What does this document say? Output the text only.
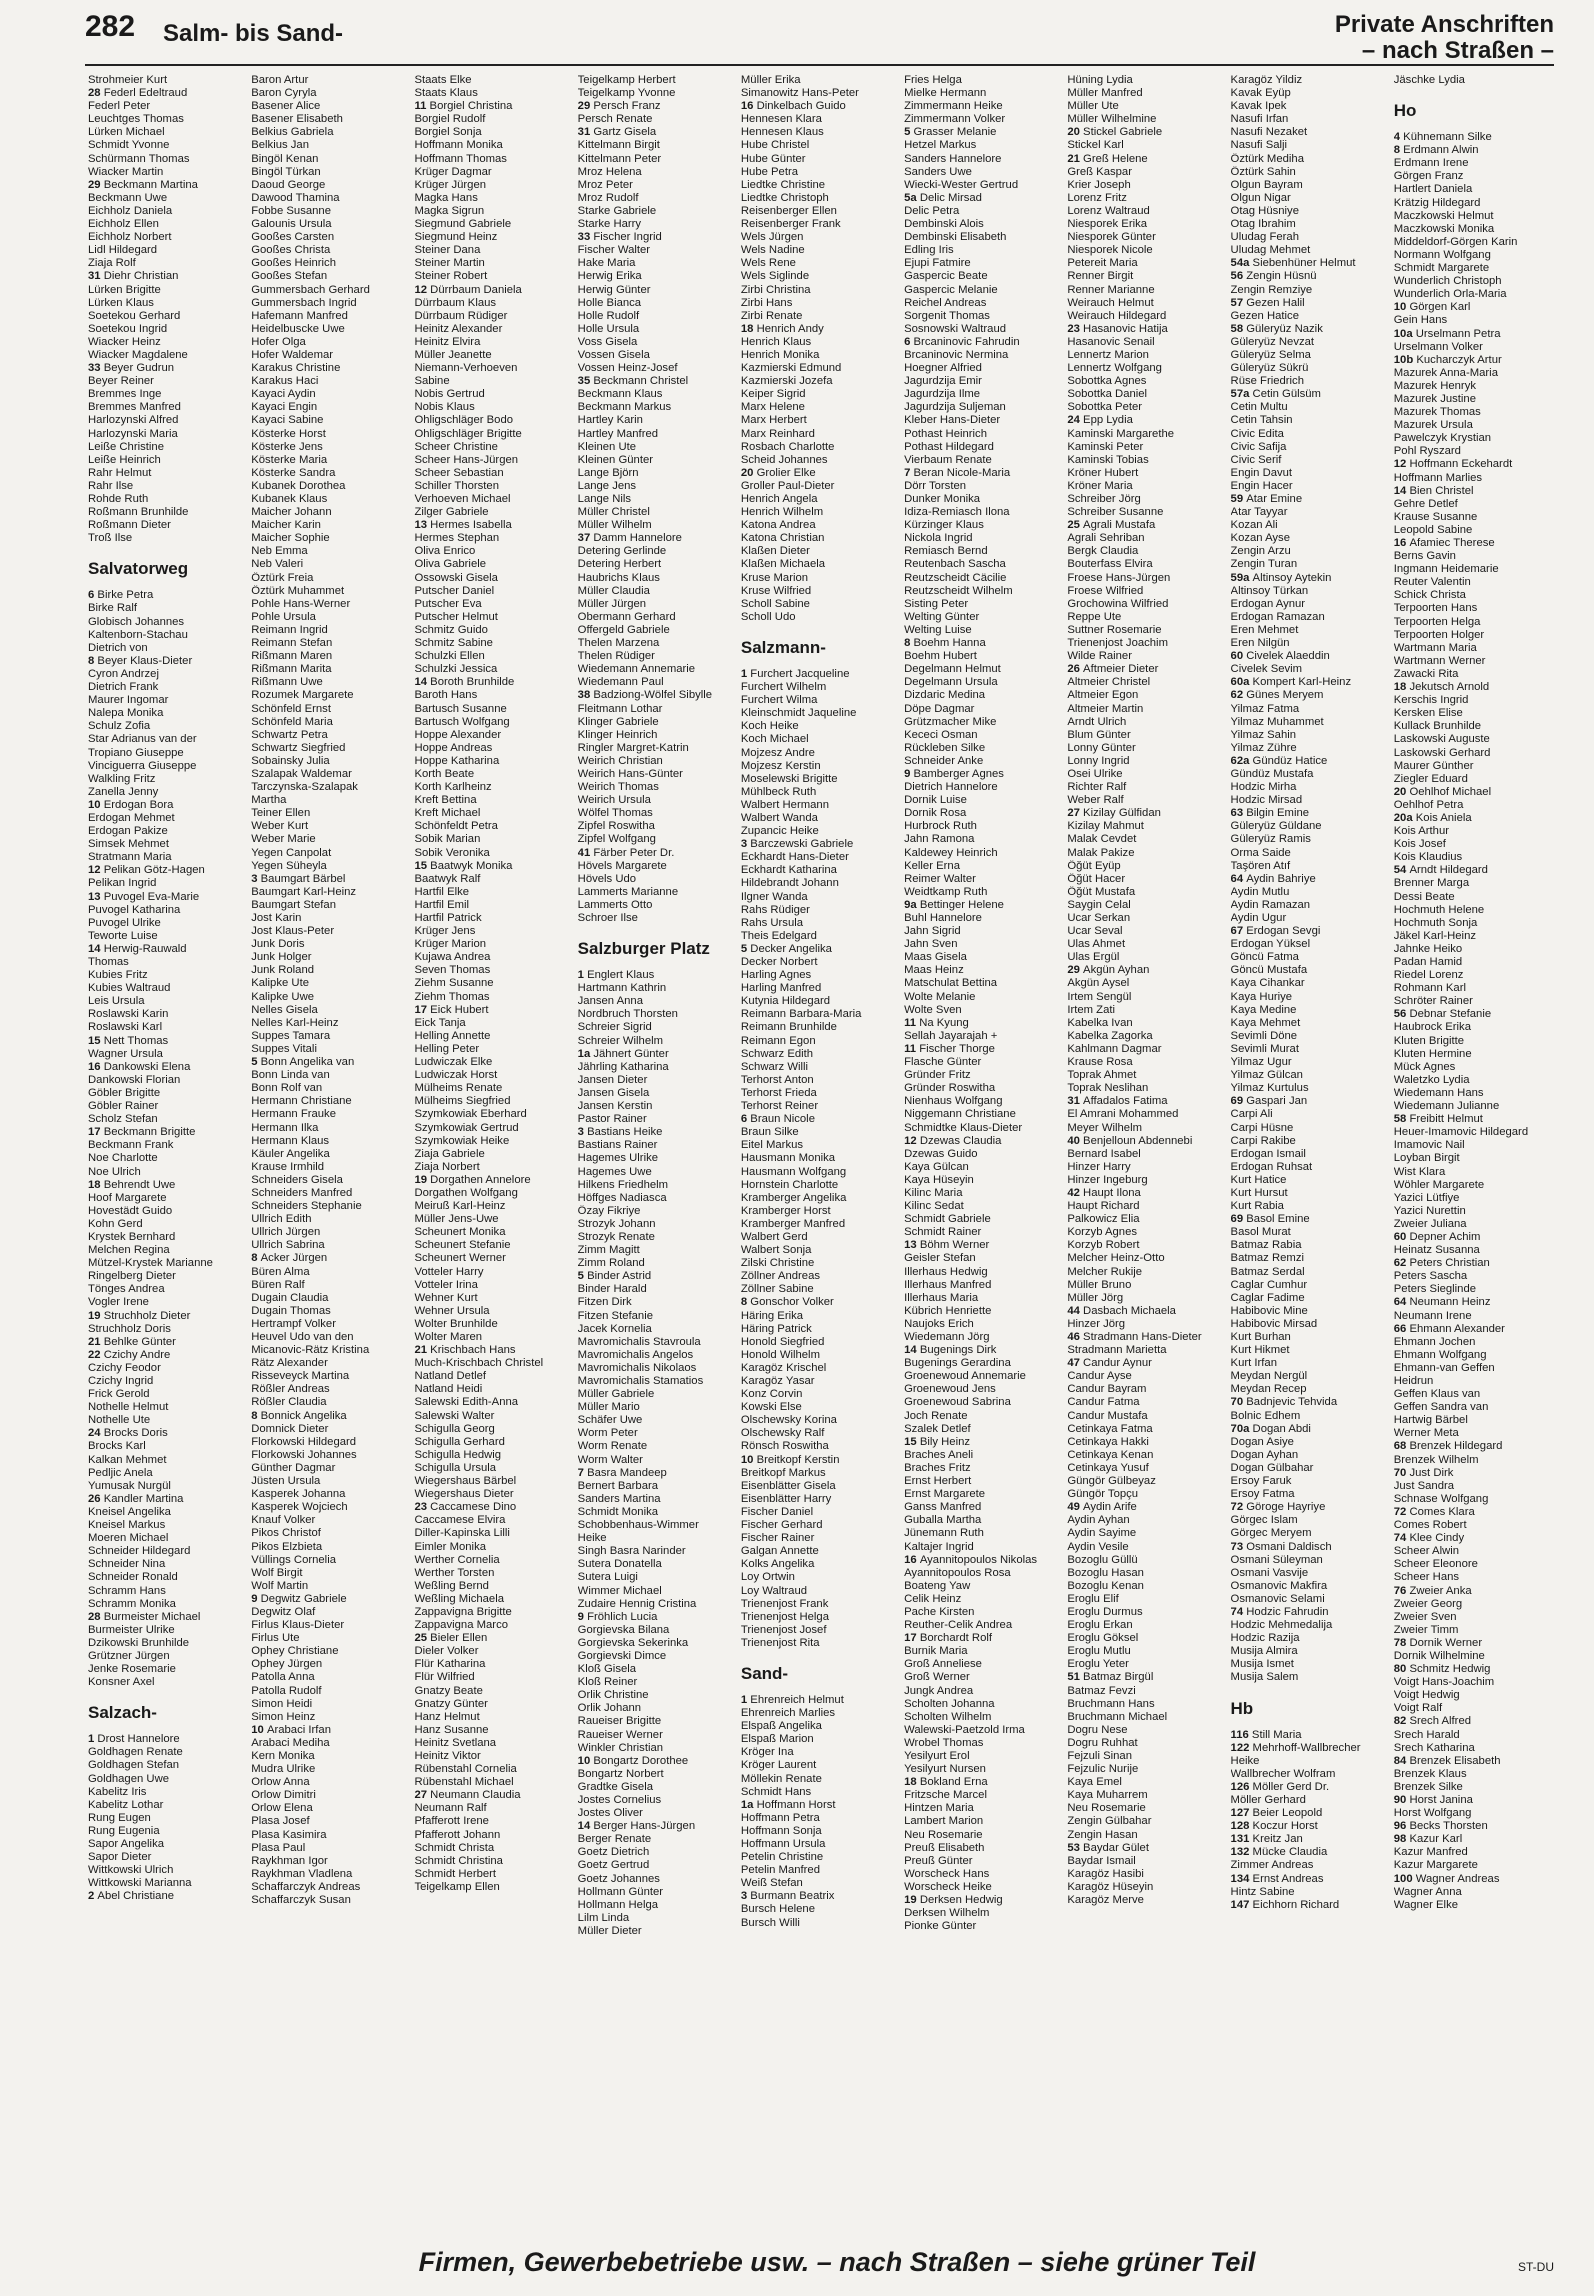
282 Salm- bis Sand-	Private Anschriften
– nach Straßen –
Strohmeier Kurt
28 Federl Edeltraud
Federl Peter
Leuchtges Thomas
Lürken Michael
Schmidt Yvonne
Schürmann Thomas
Wiacker Martin
29 Beckmann Martina
Beckmann Uwe
Eichholz Daniela
Eichholz Ellen
Eichholz Norbert
Lidl Hildegard
Ziaja Rolf
31 Diehr Christian
Lürken Brigitte
Lürken Klaus
Soetekou Gerhard
Soetekou Ingrid
Wiacker Heinz
Wiacker Magdalene
33 Beyer Gudrun
Beyer Reiner
Bremmes Inge
Bremmes Manfred
Harlozynski Alfred
Harlozynski Maria
Leiße Christine
Leiße Heinrich
Rahr Helmut
Rahr Ilse
Rohde Ruth
Roßmann Brunhilde
Roßmann Dieter
Troß Ilse
Salvatorweg
6 Birke Petra
Birke Ralf
Globisch Johannes
Kaltenborn-Stachau
Dietrich von
8 Beyer Klaus-Dieter
Cyron Andrzej
Dietrich Frank
Maurer Ingomar
Nalepa Monika
Schulz Zofia
Star Adrianus van der
Tropiano Giuseppe
Vinciguerra Giuseppe
Walkling Fritz
Zanella Jenny
10 Erdogan Bora
Erdogan Mehmet
Erdogan Pakize
Simsek Mehmet
Stratmann Maria
12 Pelikan Götz-Hagen
Pelikan Ingrid
13 Puvogel Eva-Marie
Puvogel Katharina
Puvogel Ulrike
Teworte Luise
14 Herwig-Rauwald
Thomas
Kubies Fritz
Kubies Waltraud
Leis Ursula
Roslawski Karin
Roslawski Karl
15 Nett Thomas
Wagner Ursula
16 Dankowski Elena
Dankowski Florian
Göbler Brigitte
Göbler Rainer
Scholz Stefan
17 Beckmann Brigitte
Beckmann Frank
Noe Charlotte
Noe Ulrich
18 Behrendt Uwe
Hoof Margarete
Hovestädt Guido
Kohn Gerd
Krystek Bernhard
Melchen Regina
Mützel-Krystek Marianne
Ringelberg Dieter
Tönges Andrea
Vogler Irene
19 Struchholz Dieter
Struchholz Doris
21 Behlke Günter
22 Czichy Andre
Czichy Feodor
Czichy Ingrid
Frick Gerold
Nothelle Helmut
Nothelle Ute
24 Brocks Doris
Brocks Karl
Kalkan Mehmet
Pedljic Anela
Yumusak Nurgül
26 Kandler Martina
Kneisel Angelika
Kneisel Markus
Moeren Michael
Schneider Hildegard
Schneider Nina
Schneider Ronald
Schramm Hans
Schramm Monika
28 Burmeister Michael
Burmeister Ulrike
Dzikowski Brunhilde
Grützner Jürgen
Jenke Rosemarie
Konsner Axel
Salzach-
1 Drost Hannelore
Goldhagen Renate
Goldhagen Stefan
Goldhagen Uwe
Kabelitz Iris
Kabelitz Lothar
Rung Eugen
Rung Eugenia
Sapor Angelika
Sapor Dieter
Wittkowski Ulrich
Wittkowski Marianna
2 Abel Christiane
Baron Artur
Baron Cyryla
Basener Alice
Basener Elisabeth
Belkius Gabriela
Belkius Jan
Bingöl Kenan
Bingöl Türkan
Daoud George
Dawood Thamina
Fobbe Susanne
Galounis Ursula
Gooßes Carsten
Gooßes Christa
Gooßes Heinrich
Gooßes Stefan
Gummersbach Gerhard
Gummersbach Ingrid
Hafemann Manfred
Heidelbuscke Uwe
Hofer Olga
Hofer Waldemar
Karakus Christine
Karakus Haci
Kayaci Aydin
Kayaci Engin
Kayaci Sabine
Kösterke Horst
Kösterke Jens
Kösterke Maria
Kösterke Sandra
Kubanek Dorothea
Kubanek Klaus
Maicher Johann
Maicher Karin
Maicher Sophie
Neb Emma
Neb Valeri
Öztürk Freia
Öztürk Muhammet
Pohle Hans-Werner
Pohle Ursula
Reimann Ingrid
Reimann Stefan
Rißmann Maren
Rißmann Marita
Rißmann Uwe
Rozumek Margarete
Schönfeld Ernst
Schönfeld Maria
Schwartz Petra
Schwartz Siegfried
Sobainsky Julia
Szalapak Waldemar
Tarczynska-Szalapak
Martha
Teiner Ellen
Weber Kurt
Weber Marie
Yegen Canpolat
Yegen Süheyla
3 Baumgart Bärbel
Baumgart Karl-Heinz
Baumgart Stefan
Jost Karin
Jost Klaus-Peter
Junk Doris
Junk Holger
Junk Roland
Kalipke Ute
Kalipke Uwe
Nelles Gisela
Nelles Karl-Heinz
Suppes Tamara
Suppes Vitali
5 Bonn Angelika van
Bonn Linda van
Bonn Rolf van
Hermann Christiane
Hermann Frauke
Hermann Ilka
Hermann Klaus
Käuler Angelika
Krause Irmhild
Schneiders Gisela
Schneiders Manfred
Schneiders Stephanie
Ullrich Edith
Ullrich Jürgen
Ullrich Sabrina
8 Acker Jürgen
Büren Alma
Büren Ralf
Dugain Claudia
Dugain Thomas
Hertrampf Volker
Heuvel Udo van den
Micanovic-Rätz Kristina
Rätz Alexander
Risseveyck Martina
Rößler Andreas
Rößler Claudia
8 Bonnick Angelika
Domnick Dieter
Florkowski Hildegard
Florkowski Johannes
Günther Dagmar
Jüsten Ursula
Kasperek Johanna
Kasperek Wojciech
Knauf Volker
Pikos Christof
Pikos Elzbieta
Vüllings Cornelia
Wolf Birgit
Wolf Martin
9 Degwitz Gabriele
Degwitz Olaf
Firlus Klaus-Dieter
Firlus Ute
Ophey Christiane
Ophey Jürgen
Patolla Anna
Patolla Rudolf
Simon Heidi
Simon Heinz
10 Arabaci Irfan
Arabaci Mediha
Kern Monika
Mudra Ulrike
Orlow Anna
Orlow Dimitri
Orlow Elena
Plasa Josef
Plasa Kasimira
Plasa Paul
Raykhman Igor
Raykhman Vladlena
Schaffarczyk Andreas
Schaffarczyk Susan
Staats Elke
Staats Klaus
11 Borgiel Christina
Borgiel Rudolf
Borgiel Sonja
Hoffmann Monika
Hoffmann Thomas
Krüger Dagmar
Krüger Jürgen
Magka Hans
Magka Sigrun
Siegmund Gabriele
Siegmund Heinz
Steiner Dana
Steiner Martin
Steiner Robert
12 Dürrbaum Daniela
Dürrbaum Klaus
Dürrbaum Rüdiger
Heinitz Alexander
Heinitz Elvira
Müller Jeanette
Niemann-Verhoeven
Sabine
Nobis Gertrud
Nobis Klaus
Ohligschläger Bodo
Ohligschläger Brigitte
Scheer Christine
Scheer Hans-Jürgen
Scheer Sebastian
Schiller Thorsten
Verhoeven Michael
Zilger Gabriele
13 Hermes Isabella
Hermes Stephan
Oliva Enrico
Oliva Gabriele
Ossowski Gisela
Putscher Daniel
Putscher Eva
Putscher Helmut
Schmitz Guido
Schmitz Sabine
Schulzki Ellen
Schulzki Jessica
14 Boroth Brunhilde
Baroth Hans
Bartusch Susanne
Bartusch Wolfgang
Hoppe Alexander
Hoppe Andreas
Hoppe Katharina
Korth Beate
Korth Karlheinz
Kreft Bettina
Kreft Michael
Schönfeldt Petra
Sobik Marian
Sobik Veronika
15 Baatwyk Monika
Baatwyk Ralf
Hartfil Elke
Hartfil Emil
Hartfil Patrick
Krüger Jens
Krüger Marion
Kujawa Andrea
Seven Thomas
Ziehm Susanne
Ziehm Thomas
17 Eick Hubert
Eick Tanja
Helling Annette
Helling Peter
Ludwiczak Elke
Ludwiczak Horst
Mülheims Renate
Mülheims Siegfried
Szymkowiak Eberhard
Szymkowiak Gertrud
Szymkowiak Heike
Ziaja Gabriele
Ziaja Norbert
19 Dorgathen Annelore
Dorgathen Wolfgang
Meiruß Karl-Heinz
Müller Jens-Uwe
Scheunert Monika
Scheunert Stefanie
Scheunert Werner
Votteler Harry
Votteler Irina
Wehner Kurt
Wehner Ursula
Wolter Brunhilde
Wolter Maren
21 Krischbach Hans
Much-Krischbach Christel
Natland Detlef
Natland Heidi
Salewski Edith-Anna
Salewski Walter
Schigulla Georg
Schigulla Gerhard
Schigulla Hedwig
Schigulla Ursula
Wiegershaus Bärbel
Wiegershaus Dieter
23 Caccamese Dino
Caccamese Elvira
Diller-Kapinska Lilli
Eimler Monika
Werther Cornelia
Werther Torsten
Weßling Bernd
Weßling Michaela
Zappavigna Brigitte
Zappavigna Marco
25 Bieler Ellen
Dieler Volker
Flür Katharina
Flür Wilfried
Gnatzy Beate
Gnatzy Günter
Hanz Helmut
Hanz Susanne
Heinitz Svetlana
Heinitz Viktor
Rübenstahl Cornelia
Rübenstahl Michael
27 Neumann Claudia
Neumann Ralf
Pfafferott Irene
Pfafferott Johann
Schmidt Christa
Schmidt Christina
Schmidt Herbert
Teigelkamp Ellen
Teigelkamp Herbert
Teigelkamp Yvonne
29 Persch Franz
Persch Renate
31 Gartz Gisela
Kittelmann Birgit
Kittelmann Peter
Mroz Helena
Mroz Peter
Mroz Rudolf
Starke Gabriele
Starke Harry
33 Fischer Ingrid
Fischer Walter
Hake Maria
Herwig Erika
Herwig Günter
Holle Bianca
Holle Rudolf
Holle Ursula
Voss Gisela
Vossen Gisela
Vossen Heinz-Josef
35 Beckmann Christel
Beckmann Klaus
Beckmann Markus
Hartley Karin
Hartley Manfred
Kleinen Ute
Kleinen Günter
Lange Björn
Lange Jens
Lange Nils
Müller Christel
Müller Wilhelm
37 Damm Hannelore
Detering Gerlinde
Detering Herbert
Haubrichs Klaus
Müller Claudia
Müller Jürgen
Obermann Gerhard
Offergeld Gabriele
Thelen Marzena
Thelen Rüdiger
Wiedemann Annemarie
Wiedemann Paul
38 Badziong-Wölfel Sibylle
Fleitmann Lothar
Klinger Gabriele
Klinger Heinrich
Ringler Margret-Katrin
Weirich Christian
Weirich Hans-Günter
Weirich Thomas
Weirich Ursula
Wölfel Thomas
Zipfel Roswitha
Zipfel Wolfgang
41 Färber Peter Dr.
Hövels Margarete
Hövels Udo
Lammerts Marianne
Lammerts Otto
Schroer Ilse
Salzburger Platz
1 Englert Klaus
Hartmann Kathrin
Jansen Anna
Nordbruch Thorsten
Schreier Sigrid
Schreier Wilhelm
1a Jähnert Günter
Jährling Katharina
Jansen Dieter
Jansen Gisela
Jansen Kerstin
Pastor Rainer
3 Bastians Heike
Bastians Rainer
Hagemes Ulrike
Hagemes Uwe
Hilkens Friedhelm
Höffges Nadiasca
Özay Fikriye
Strozyk Johann
Strozyk Renate
Zimm Magitt
Zimm Roland
5 Binder Astrid
Binder Harald
Fitzen Dirk
Fitzen Stefanie
Jacek Kornelia
Mavromichalis Stavroula
Mavromichalis Angelos
Mavromichalis Nikolaos
Mavromichalis Stamatios
Müller Gabriele
Müller Mario
Schäfer Uwe
Worm Peter
Worm Renate
Worm Walter
7 Basra Mandeep
Bernert Barbara
Sanders Martina
Schmidt Monika
Schobbenhaus-Wimmer
Heike
Singh Basra Narinder
Sutera Donatella
Sutera Luigi
Wimmer Michael
Zudaire Hennig Cristina
9 Fröhlich Lucia
Gorgievska Bilana
Gorgievska Sekerinka
Gorgievski Dimce
Kloß Gisela
Kloß Reiner
Orlik Christine
Orlik Johann
Raueiser Brigitte
Raueiser Werner
Winkler Christian
10 Bongartz Dorothee
Bongartz Norbert
Gradtke Gisela
Jostes Cornelius
Jostes Oliver
14 Berger Hans-Jürgen
Berger Renate
Goetz Dietrich
Goetz Gertrud
Goetz Johannes
Hollmann Günter
Hollmann Helga
Lilm Linda
Müller Dieter
Müller Erika
Simanowitz Hans-Peter
16 Dinkelbach Guido
Hennesen Klara
Hennesen Klaus
Hube Christel
Hube Günter
Hube Petra
Liedtke Christine
Liedtke Christoph
Reisenberger Ellen
Reisenberger Frank
Wels Jürgen
Wels Nadine
Wels Rene
Wels Siglinde
Zirbi Christina
Zirbi Hans
Zirbi Renate
18 Henrich Andy
Henrich Klaus
Henrich Monika
Kazmierski Edmund
Kazmierski Jozefa
Keiper Sigrid
Marx Helene
Marx Herbert
Marx Reinhard
Rosbach Charlotte
Scheid Johannes
20 Grolier Elke
Groller Paul-Dieter
Henrich Angela
Henrich Wilhelm
Katona Andrea
Katona Christian
Klaßen Dieter
Klaßen Michaela
Kruse Marion
Kruse Wilfried
Scholl Sabine
Scholl Udo
Salzmann-
1 Furchert Jacqueline
Furchert Wilhelm
Furchert Wilma
Kleinschmidt Jaqueline
Koch Heike
Koch Michael
Mojzesz Andre
Mojzesz Kerstin
Moselewski Brigitte
Mühlbeck Ruth
Walbert Hermann
Walbert Wanda
Zupancic Heike
3 Barczewski Gabriele
Eckhardt Hans-Dieter
Eckhardt Katharina
Hildebrandt Johann
Ilgner Wanda
Rahs Rüdiger
Rahs Ursula
Theis Edelgard
5 Decker Angelika
Decker Norbert
Harling Agnes
Harling Manfred
Kutynia Hildegard
Reimann Barbara-Maria
Reimann Brunhilde
Reimann Egon
Schwarz Edith
Schwarz Willi
Terhorst Anton
Terhorst Frieda
Terhorst Reiner
6 Braun Nicole
Braun Silke
Eitel Markus
Hausmann Monika
Hausmann Wolfgang
Hornstein Charlotte
Kramberger Angelika
Kramberger Horst
Kramberger Manfred
Walbert Gerd
Walbert Sonja
Zilski Christine
Zöllner Andreas
Zöllner Sabine
8 Gonschor Volker
Häring Erika
Häring Patrick
Honold Siegfried
Honold Wilhelm
Karagöz Krischel
Karagöz Yasar
Konz Corvin
Kowski Else
Olschewsky Korina
Olschewsky Ralf
Rönsch Roswitha
10 Breitkopf Kerstin
Breitkopf Markus
Eisenblätter Gisela
Eisenblätter Harry
Fischer Daniel
Fischer Gerhard
Fischer Rainer
Galgan Annette
Kolks Angelika
Loy Ortwin
Loy Waltraud
Trienenjost Frank
Trienenjost Helga
Trienenjost Josef
Trienenjost Rita
Sand-
1 Ehrenreich Helmut
Ehrenreich Marlies
Elspaß Angelika
Elspaß Marion
Kröger Ina
Kröger Laurent
Möllekin Renate
Schmidt Hans
1a Hoffmann Horst
Hoffmann Petra
Hoffmann Sonja
Hoffmann Ursula
Petelin Christine
Petelin Manfred
Weiß Stefan
3 Burmann Beatrix
Bursch Helene
Bursch Willi
Fries Helga
Mielke Hermann
Zimmermann Heike
Zimmermann Volker
5 Grasser Melanie
Hetzel Markus
Sanders Hannelore
Sanders Uwe
Wiecki-Wester Gertrud
5a Delic Mirsad
Delic Petra
Dembinski Alois
Dembinski Elisabeth
Edling Iris
Ejupi Fatmire
Gaspercic Beate
Gaspercic Melanie
Reichel Andreas
Sorgenit Thomas
Sosnowski Waltraud
6 Brcaninovic Fahrudin
Brcaninovic Nermina
Hoegner Alfried
Jagurdzija Emir
Jagurdzija Ilme
Jagurdzija Suljeman
Kleber Hans-Dieter
Pothast Heinrich
Pothast Hildegard
Vierbaum Renate
7 Beran Nicole-Maria
Dörr Torsten
Dunker Monika
Idiza-Remiasch Ilona
Kürzinger Klaus
Nickola Ingrid
Remiasch Bernd
Reutenbach Sascha
Reutzscheidt Cäcilie
Reutzscheidt Wilhelm
Sisting Peter
Welting Günter
Welting Luise
8 Boehm Hanna
Boehm Hubert
Degelmann Helmut
Degelmann Ursula
Dizdaric Medina
Döpe Dagmar
Grützmacher Mike
Kececi Osman
Rückleben Silke
Schneider Anke
9 Bamberger Agnes
Dietrich Hannelore
Dornik Luise
Dornik Rosa
Hurbrock Ruth
Jahn Ramona
Kaldewey Heinrich
Keller Erna
Reimer Walter
Weidtkamp Ruth
9a Bettinger Helene
Buhl Hannelore
Jahn Sigrid
Jahn Sven
Maas Gisela
Maas Heinz
Matschulat Bettina
Wolte Melanie
Wolte Sven
11 Na Kyung
Sellah Jayarajah +
11 Fischer Thorge
Flasche Günter
Gründer Fritz
Gründer Roswitha
Nienhaus Wolfgang
Niggemann Christiane
Schmidtke Klaus-Dieter
12 Dzewas Claudia
Dzewas Guido
Kaya Gülcan
Kaya Hüseyin
Kilinc Maria
Kilinc Sedat
Schmidt Gabriele
Schmidt Rainer
13 Böhm Werner
Geisler Stefan
Illerhaus Hedwig
Illerhaus Manfred
Illerhaus Maria
Kübrich Henriette
Naujoks Erich
Wiedemann Jörg
14 Bugenings Dirk
Bugenings Gerardina
Groenewoud Annemarie
Groenewoud Jens
Groenewoud Sabrina
Joch Renate
Szalek Detlef
15 Bily Heinz
Braches Aneli
Braches Fritz
Ernst Herbert
Ernst Margarete
Ganss Manfred
Guballa Martha
Jünemann Ruth
Kaltajer Ingrid
16 Ayannitopoulos Nikolas
Ayannitopoulos Rosa
Boateng Yaw
Celik Heinz
Pache Kirsten
Reuther-Celik Andrea
17 Borchardt Rolf
Burnik Maria
Groß Anneliese
Groß Werner
Jungk Andrea
Scholten Johanna
Scholten Wilhelm
Walewski-Paetzold Irma
Wrobel Thomas
Yesilyurt Erol
Yesilyurt Nursen
18 Bokland Erna
Fritzsche Marcel
Hintzen Maria
Lambert Marion
Neu Rosemarie
Preuß Elisabeth
Preuß Günter
Worscheck Hans
Worscheck Heike
19 Derksen Hedwig
Derksen Wilhelm
Pionke Günter
Hüning Lydia
Müller Manfred
Müller Ute
Müller Wilhelmine
20 Stickel Gabriele
Stickel Karl
21 Greß Helene
Greß Kaspar
Krier Joseph
Lorenz Fritz
Lorenz Waltraud
Niesporek Erika
Niesporek Günter
Niesporek Nicole
Petereit Maria
Renner Birgit
Renner Marianne
Weirauch Helmut
Weirauch Hildegard
23 Hasanovic Hatija
Hasanovic Senail
Lennertz Marion
Lennertz Wolfgang
Sobottka Agnes
Sobottka Daniel
Sobottka Peter
24 Epp Lydia
Kaminski Margarethe
Kaminski Peter
Kaminski Tobias
Kröner Hubert
Kröner Maria
Schreiber Jörg
Schreiber Susanne
25 Agrali Mustafa
Agrali Sehriban
Bergk Claudia
Bouterfass Elvira
Froese Hans-Jürgen
Froese Wilfried
Grochowina Wilfried
Reppe Ute
Suttner Rosemarie
Trienenjost Joachim
Wilde Rainer
26 Aftmeier Dieter
Altmeier Christel
Altmeier Egon
Altmeier Martin
Arndt Ulrich
Blum Günter
Lonny Günter
Lonny Ingrid
Osei Ulrike
Richter Ralf
Weber Ralf
27 Kizilay Gülfidan
Kizilay Mahmut
Malak Cevdet
Malak Pakize
Öğüt Eyüp
Öğüt Hacer
Öğüt Mustafa
Saygin Celal
Ucar Serkan
Ucar Seval
Ulas Ahmet
Ulas Ergül
29 Akgün Ayhan
Akgün Aysel
Irtem Sengül
Irtem Zati
Kabelka Ivan
Kabelka Zagorka
Kahlmann Dagmar
Krause Rosa
Toprak Ahmet
Toprak Neslihan
31 Affadalos Fatima
El Amrani Mohammed
Meyer Wilhelm
40 Benjelloun Abdennebi
Bernard Isabel
Hinzer Harry
Hinzer Ingeburg
42 Haupt Ilona
Haupt Richard
Palkowicz Elia
Korzyb Agnes
Korzyb Robert
Melcher Heinz-Otto
Melcher Rukije
Müller Bruno
Müller Jörg
44 Dasbach Michaela
Hinzer Jörg
46 Stradmann Hans-Dieter
Stradmann Marietta
47 Candur Aynur
Candur Ayse
Candur Bayram
Candur Fatma
Candur Mustafa
Cetinkaya Fatma
Cetinkaya Hakki
Cetinkaya Kenan
Cetinkaya Yusuf
Güngör Gülbeyaz
Güngör Topçu
49 Aydin Arife
Aydin Ayhan
Aydin Sayime
Aydin Vesile
Bozoglu Güllü
Bozoglu Hasan
Bozoglu Kenan
Eroglu Elif
Eroglu Durmus
Eroglu Erkan
Eroglu Göksel
Eroglu Mutlu
Eroglu Yeter
51 Batmaz Birgül
Batmaz Fevzi
Bruchmann Hans
Bruchmann Michael
Dogru Nese
Dogru Ruhhat
Fejzuli Sinan
Fejzulic Nurije
Kaya Emel
Kaya Muharrem
Neu Rosemarie
Zengin Gülbahar
Zengin Hasan
53 Baydar Gület
Baydar Ismail
Karagöz Hasibi
Karagöz Hüseyin
Karagöz Merve
Karagöz Yildiz
Kavak Eyüp
Kavak Ipek
Nasufi Irfan
Nasufi Nezaket
Nasufi Salji
Öztürk Mediha
Öztürk Sahin
Olgun Bayram
Olgun Nigar
Otag Hüsniye
Otag Ibrahim
Uludag Ferah
Uludag Mehmet
54a Siebenhüner Helmut
56 Zengin Hüsnü
Zengin Remziye
57 Gezen Halil
Gezen Hatice
58 Güleryüz Nazik
Güleryüz Nevzat
Güleryüz Selma
Güleryüz Sükrü
Rüse Friedrich
57a Cetin Gülsüm
Cetin Multu
Cetin Tahsin
Civic Edita
Civic Safija
Civic Serif
Engin Davut
Engin Hacer
59 Atar Emine
Atar Tayyar
Kozan Ali
Kozan Ayse
Zengin Arzu
Zengin Turan
59a Altinsoy Aytekin
Altinsoy Türkan
Erdogan Aynur
Erdogan Ramazan
Eren Mehmet
Eren Nilgün
60 Civelek Alaeddin
Civelek Sevim
60a Kompert Karl-Heinz
62 Günes Meryem
Yilmaz Fatma
Yilmaz Muhammet
Yilmaz Sahin
Yilmaz Zühre
62a Gündüz Hatice
Gündüz Mustafa
Hodzic Mirha
Hodzic Mirsad
63 Bilgin Emine
Güleryüz Güldane
Güleryüz Ramis
Orma Saide
Taşören Atıf
64 Aydin Bahriye
Aydin Mutlu
Aydin Ramazan
Aydin Ugur
67 Erdogan Sevgi
Erdogan Yüksel
Göncü Fatma
Göncü Mustafa
Kaya Cihankar
Kaya Huriye
Kaya Medine
Kaya Mehmet
Sevimli Döne
Sevimli Murat
Yilmaz Ugur
Yilmaz Gülcan
Yilmaz Kurtulus
69 Gaspari Jan
Carpi Ali
Carpi Hüsne
Carpi Rakibe
Erdogan Ismail
Erdogan Ruhsat
Kurt Hatice
Kurt Hursut
Kurt Rabia
69 Basol Emine
Basol Murat
Batmaz Rabia
Batmaz Remzi
Batmaz Serdal
Caglar Cumhur
Caglar Fadime
Habibovic Mine
Habibovic Mirsad
Kurt Burhan
Kurt Hikmet
Kurt Irfan
Meydan Nergül
Meydan Recep
70 Badnjevic Tehvida
Bolnic Edhem
70a Dogan Abdi
Dogan Asiye
Dogan Ayhan
Dogan Gülbahar
Ersoy Faruk
Ersoy Fatma
72 Göroge Hayriye
Görgec Islam
Görgec Meryem
73 Osmani Daldisch
Osmani Süleyman
Osmani Vasvije
Osmanovic Makfira
Osmanovic Selami
74 Hodzic Fahrudin
Hodzic Mehmedalija
Hodzic Razija
Musija Almira
Musija Ismet
Musija Salem
Hb
116 Still Maria
122 Mehrhoff-Wallbrecher
Heike
Wallbrecher Wolfram
126 Möller Gerd Dr.
Möller Gerhard
127 Beier Leopold
128 Koczur Horst
131 Kreitz Jan
132 Mücke Claudia
Zimmer Andreas
134 Ernst Andreas
Hintz Sabine
147 Eichhorn Richard
Jäschke Lydia
Ho
4 Kühnemann Silke
8 Erdmann Alwin
Erdmann Irene
Görgen Franz
Hartlert Daniela
Krätzig Hildegard
Maczkowski Helmut
Maczkowski Monika
Middeldorf-Görgen Karin
Normann Wolfgang
Schmidt Margarete
Wunderlich Christoph
Wunderlich Orla-Maria
10 Görgen Karl
Gein Hans
10a Urselmann Petra
Urselmann Volker
10b Kucharczyk Artur
Mazurek Anna-Maria
Mazurek Henryk
Mazurek Justine
Mazurek Thomas
Mazurek Ursula
Pawelczyk Krystian
Pohl Ryszard
12 Hoffmann Eckehardt
Hoffmann Marlies
14 Bien Christel
Gehre Detlef
Krause Susanne
Leopold Sabine
16 Afamiec Therese
Berns Gavin
Ingmann Heidemarie
Reuter Valentin
Schick Christa
Terpoorten Hans
Terpoorten Helga
Terpoorten Holger
Wartmann Maria
Wartmann Werner
Zawacki Rita
18 Jekutsch Arnold
Kerschis Ingrid
Kersken Elise
Kullack Brunhilde
Laskowski Auguste
Laskowski Gerhard
Maurer Günther
Ziegler Eduard
20 Oehlhof Michael
Oehlhof Petra
20a Kois Aniela
Kois Arthur
Kois Josef
Kois Klaudius
54 Arndt Hildegard
Brenner Marga
Dessi Beate
Hochmuth Helene
Hochmuth Sonja
Jäkel Karl-Heinz
Jahnke Heiko
Padan Hamid
Riedel Lorenz
Rohmann Karl
Schröter Rainer
56 Debnar Stefanie
Haubrock Erika
Kluten Brigitte
Kluten Hermine
Mück Agnes
Waletzko Lydia
Wiedemann Hans
Wiedemann Julianne
58 Freibitt Helmut
Heuer-Imamovic Hildegard
Imamovic Nail
Loyban Birgit
Wist Klara
Wöhler Margarete
Yazici Lütfiye
Yazici Nurettin
Zweier Juliana
60 Depner Achim
Heinatz Susanna
62 Peters Christian
Peters Sascha
Peters Sieglinde
64 Neumann Heinz
Neumann Irene
66 Ehmann Alexander
Ehmann Jochen
Ehmann Wolfgang
Ehmann-van Geffen
Heidrun
Geffen Klaus van
Geffen Sandra van
Hartwig Bärbel
Werner Meta
68 Brenzek Hildegard
Brenzek Wilhelm
70 Just Dirk
Just Sandra
Schnase Wolfgang
72 Comes Klara
Comes Robert
74 Klee Cindy
Scheer Alwin
Scheer Eleonore
Scheer Hans
76 Zweier Anka
Zweier Georg
Zweier Sven
Zweier Timm
78 Dornik Werner
Dornik Wilhelmine
80 Schmitz Hedwig
Voigt Hans-Joachim
Voigt Hedwig
Voigt Ralf
82 Srech Alfred
Srech Harald
Srech Katharina
84 Brenzek Elisabeth
Brenzek Klaus
Brenzek Silke
90 Horst Janina
Horst Wolfgang
96 Becks Thorsten
98 Kazur Karl
Kazur Manfred
Kazur Margarete
100 Wagner Andreas
Wagner Anna
Wagner Elke
Firmen, Gewerbebetriebe usw. – nach Straßen – siehe grüner Teil	ST-DU
